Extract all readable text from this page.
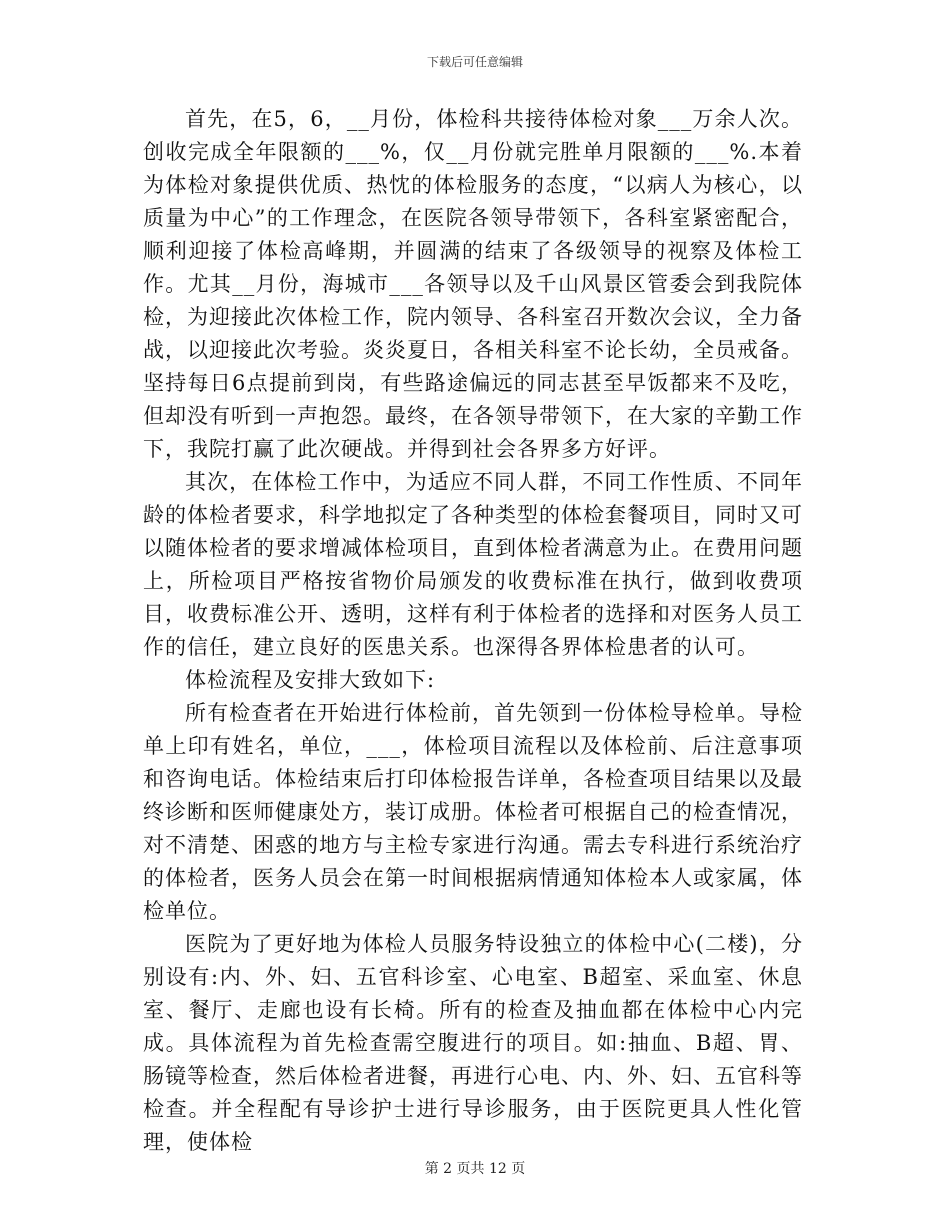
下载后可任意编辑

首先，在5，6，__月份，体检科共接待体检对象___万余人次。创收完成全年限额的___%，仅__月份就完胜单月限额的___%.本着为体检对象提供优质、热忱的体检服务的态度，“以病人为核心，以质量为中心”的工作理念，在医院各领导带领下，各科室紧密配合，顺利迎接了体检高峰期，并圆满的结束了各级领导的视察及体检工作。尤其__月份，海城市___各领导以及千山风景区管委会到我院体检，为迎接此次体检工作，院内领导、各科室召开数次会议，全力备战，以迎接此次考验。炎炎夏日，各相关科室不论长幼，全员戒备。坚持每日6点提前到岗，有些路途偏远的同志甚至早饭都来不及吃，但却没有听到一声抱怨。最终，在各领导带领下，在大家的辛勤工作下，我院打赢了此次硬战。并得到社会各界多方好评。

其次，在体检工作中，为适应不同人群，不同工作性质、不同年龄的体检者要求，科学地拟定了各种类型的体检套餐项目，同时又可以随体检者的要求增减体检项目，直到体检者满意为止。在费用问题上，所检项目严格按省物价局颁发的收费标准在执行，做到收费项目，收费标准公开、透明，这样有利于体检者的选择和对医务人员工作的信任，建立良好的医患关系。也深得各界体检患者的认可。

体检流程及安排大致如下:

所有检查者在开始进行体检前，首先领到一份体检导检单。导检单上印有姓名，单位，___，体检项目流程以及体检前、后注意事项和咨询电话。体检结束后打印体检报告详单，各检查项目结果以及最终诊断和医师健康处方，装订成册。体检者可根据自己的检查情况，对不清楚、困惑的地方与主检专家进行沟通。需去专科进行系统治疗的体检者，医务人员会在第一时间根据病情通知体检本人或家属，体检单位。

医院为了更好地为体检人员服务特设独立的体检中心(二楼)，分别设有:内、外、妇、五官科诊室、心电室、B超室、采血室、休息室、餐厅、走廊也设有长椅。所有的检查及抽血都在体检中心内完成。具体流程为首先检查需空腹进行的项目。如:抽血、B超、胃、肠镜等检查，然后体检者进餐，再进行心电、内、外、妇、五官科等检查。并全程配有导诊护士进行导诊服务，由于医院更具人性化管理，使体检

第 2 页共 12 页
